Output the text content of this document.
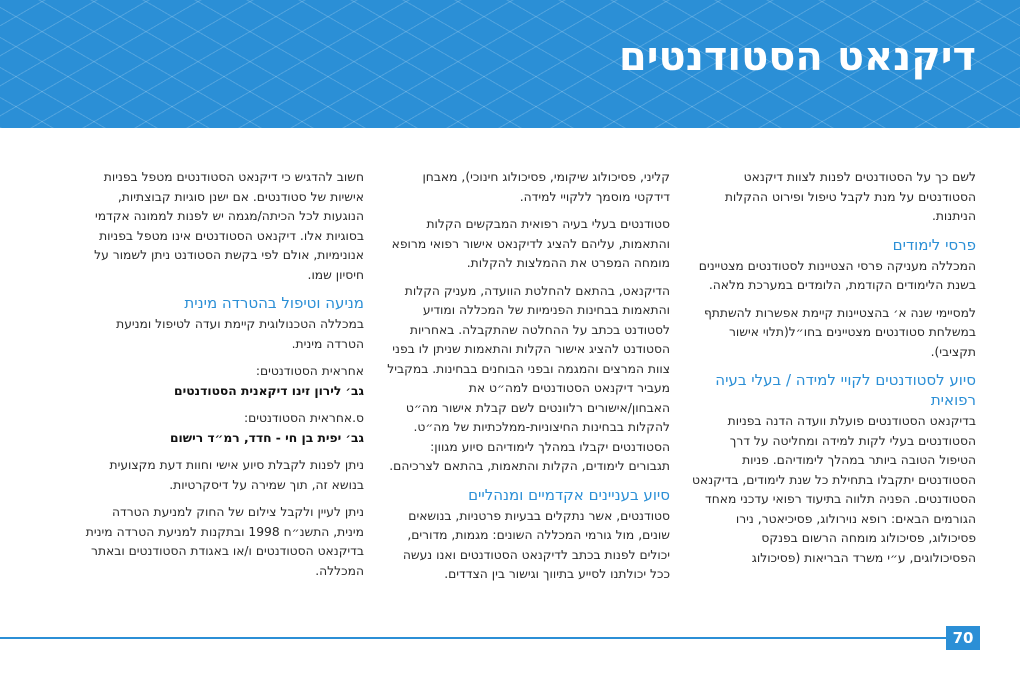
דיקנאט הסטודנטים

לשם כך על הסטודנטים לפנות לצוות דיקנאט הסטודנטים על מנת לקבל טיפול ופירוט ההקלות הניתנות.

פרסי לימודים

המכללה מעניקה פרסי הצטיינות לסטודנטים מצטיינים בשנת הלימודים הקודמת, הלומדים במערכת מלאה.

למסיימי שנה א׳ בהצטיינות קיימת אפשרות להשתתף במשלחת סטודנטים מצטיינים בחו״ל(תלוי אישור תקציבי).

סיוע לסטודנטים לקויי למידה / בעלי בעיה רפואית

בדיקנאט הסטודנטים פועלת וועדה הדנה בפניות הסטודנטים בעלי לקות למידה ומחליטה על דרך הטיפול הטובה ביותר במהלך לימודיהם. פניות הסטודנטים יתקבלו בתחילת כל שנת לימודים, בדיקנאט הסטודנטים. הפניה תלווה בתיעוד רפואי עדכני מאחד הגורמים הבאים: רופא נוירולוג, פסיכיאטר, נירו פסיכולוג, פסיכולוג מומחה הרשום בפנקס הפסיכולוגים, ע״י משרד הבריאות (פסיכולוג

קליני, פסיכולוג שיקומי, פסיכולוג חינוכי), מאבחן דידקטי מוסמך ללקויי למידה.

סטודנטים בעלי בעיה רפואית המבקשים הקלות והתאמות, עליהם להציג לדיקנאט אישור רפואי מרופא מומחה המפרט את ההמלצות להקלות.

הדיקנאט, בהתאם להחלטת הוועדה, מעניק הקלות והתאמות בבחינות הפנימיות של המכללה ומודיע לסטודנט בכתב על ההחלטה שהתקבלה. באחריות הסטודנט להציג אישור הקלות והתאמות שניתן לו בפני צוות המרצים והמגמה ובפני הבוחנים בבחינות. במקביל מעביר דיקנאט הסטודנטים למה״ט את האבחון/אישורים רלוונטים לשם קבלת אישור מה״ט להקלות בבחינות החיצוניות-ממלכתיות של מה״ט. הסטודנטים יקבלו במהלך לימודיהם סיוע מגוון: תגבורים לימודים, הקלות והתאמות, בהתאם לצרכיהם.

סיוע בעניינים אקדמיים ומנהליים

סטודנטים, אשר נתקלים בבעיות פרטניות, בנושאים שונים, מול גורמי המכללה השונים: מגמות, מדורים, יכולים לפנות בכתב לדיקנאט הסטודנטים ואנו נעשה ככל יכולתנו לסייע בתיווך וגישור בין הצדדים.

חשוב להדגיש כי דיקנאט הסטודנטים מטפל בפניות אישיות של סטודנטים. אם ישנן סוגיות קבוצתיות, הנוגעות לכל הכיתה/מגמה יש לפנות לממונה אקדמי בסוגיות אלו. דיקנאט הסטודנטים אינו מטפל בפניות אנונימיות, אולם לפי בקשת הסטודנט ניתן לשמור על חיסיון שמו.

מניעה וטיפול בהטרדה מינית

במכללה הטכנולוגית קיימת ועדה לטיפול ומניעת הטרדה מינית.

אחראית הסטודנטים:

גב׳ לירון זינו דיקאנית הסטודנטים

ס.אחראית הסטודנטים:

גב׳ יפית בן חי - חדד, רמ״ד רישום

ניתן לפנות לקבלת סיוע אישי וחוות דעת מקצועית בנושא זה, תוך שמירה על דיסקרטיות.

ניתן לעיין ולקבל צילום של החוק למניעת הטרדה מינית, התשנ״ח 1998 ובתקנות למניעת הטרדה מינית בדיקנאט הסטודנטים ו/או באגודת הסטודנטים ובאתר המכללה.

70
